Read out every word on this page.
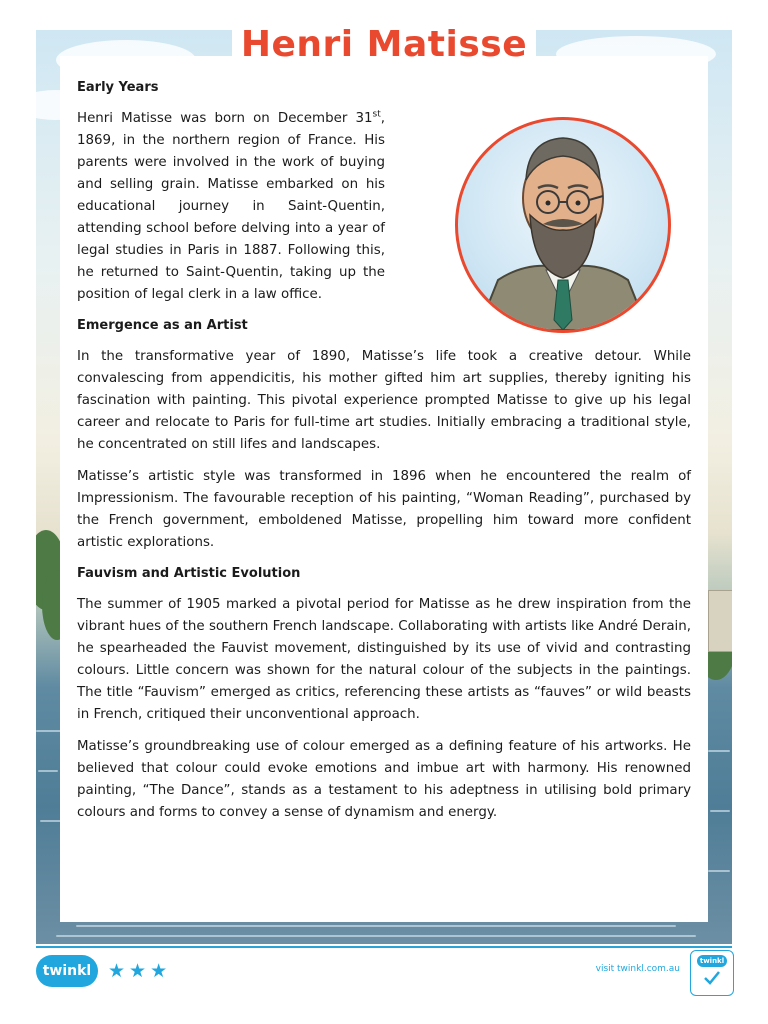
Henri Matisse
Early Years

Henri Matisse was born on December 31st, 1869, in the northern region of France. His parents were involved in the work of buying and selling grain. Matisse embarked on his educational journey in Saint-Quentin, attending school before delving into a year of legal studies in Paris in 1887. Following this, he returned to Saint-Quentin, taking up the position of legal clerk in a law office.

Emergence as an Artist

In the transformative year of 1890, Matisse’s life took a creative detour. While convalescing from appendicitis, his mother gifted him art supplies, thereby igniting his fascination with painting. This pivotal experience prompted Matisse to give up his legal career and relocate to Paris for full-time art studies. Initially embracing a traditional style, he concentrated on still lifes and landscapes.

Matisse’s artistic style was transformed in 1896 when he encountered the realm of Impressionism. The favourable reception of his painting, “Woman Reading”, purchased by the French government, emboldened Matisse, propelling him toward more confident artistic explorations.

Fauvism and Artistic Evolution

The summer of 1905 marked a pivotal period for Matisse as he drew inspiration from the vibrant hues of the southern French landscape. Collaborating with artists like André Derain, he spearheaded the Fauvist movement, distinguished by its use of vivid and contrasting colours. Little concern was shown for the natural colour of the subjects in the paintings. The title “Fauvism” emerged as critics, referencing these artists as “fauves” or wild beasts in French, critiqued their unconventional approach.

Matisse’s groundbreaking use of colour emerged as a defining feature of his artworks. He believed that colour could evoke emotions and imbue art with harmony. His renowned painting, “The Dance”, stands as a testament to his adeptness in utilising bold primary colours and forms to convey a sense of dynamism and energy.

twinkl ★ ★ ★	visit twinkl.com.au
twinkl
